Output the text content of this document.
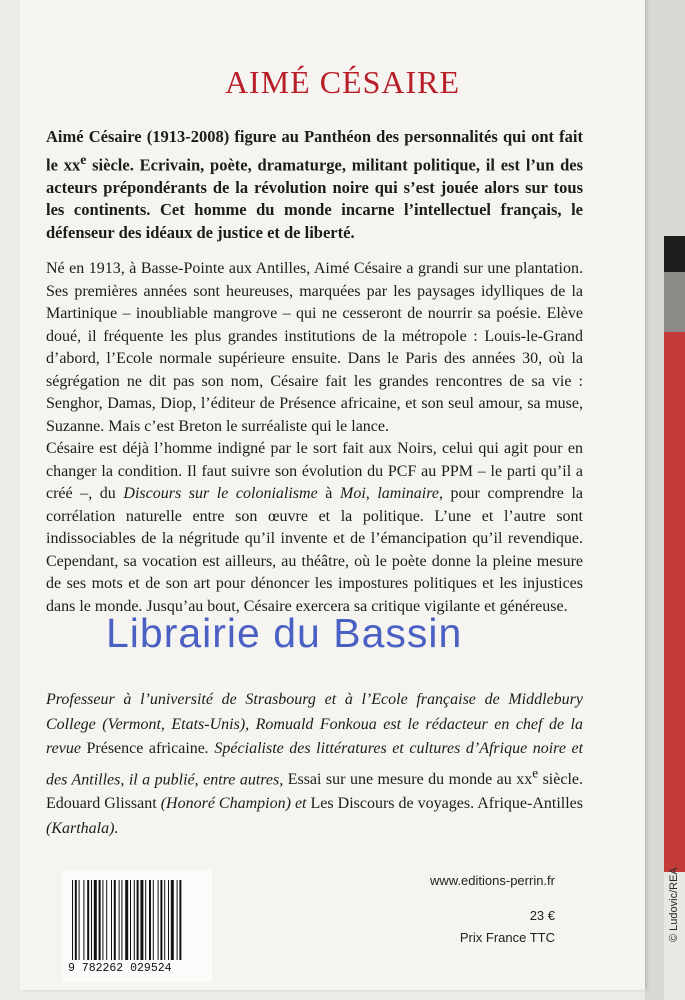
© Ludovic/REA
AIMÉ CÉSAIRE
Aimé Césaire (1913-2008) figure au Panthéon des personnalités qui ont fait le $xx^e$ siècle. Ecrivain, poète, dramaturge, militant politique, il est l’un des acteurs prépondérants de la révolution noire qui s’est jouée alors sur tous les continents. Cet homme du monde incarne l’intellectuel français, le défenseur des idéaux de justice et de liberté.

Né en 1913, à Basse-Pointe aux Antilles, Aimé Césaire a grandi sur une plantation. Ses premières années sont heureuses, marquées par les paysages idylliques de la Martinique – inoubliable mangrove – qui ne cesseront de nourrir sa poésie. Elève doué, il fréquente les plus grandes institutions de la métropole : Louis-le-Grand d’abord, l’Ecole normale supérieure ensuite. Dans le Paris des années 30, où la ségrégation ne dit pas son nom, Césaire fait les grandes rencontres de sa vie : Senghor, Damas, Diop, l’éditeur de Présence africaine, et son seul amour, sa muse, Suzanne. Mais c’est Breton le surréaliste qui le lance.

Césaire est déjà l’homme indigné par le sort fait aux Noirs, celui qui agit pour en changer la condition. Il faut suivre son évolution du PCF au PPM – le parti qu’il a créé –, du Discours sur le colonialisme à Moi, laminaire, pour comprendre la corrélation naturelle entre son œuvre et la politique. L’une et l’autre sont indissociables de la négritude qu’il invente et de l’émancipation qu’il revendique. Cependant, sa vocation est ailleurs, au théâtre, où le poète donne la pleine mesure de ses mots et de son art pour dénoncer les impostures politiques et les injustices dans le monde. Jusqu’au bout, Césaire exercera sa critique vigilante et généreuse.

Professeur à l’université de Strasbourg et à l’Ecole française de Middlebury College (Vermont, Etats-Unis), Romuald Fonkoua est le rédacteur en chef de la revue Présence africaine. Spécialiste des littératures et cultures d’Afrique noire et des Antilles, il a publié, entre autres, Essai sur une mesure du monde au $xx^e$ siècle. Edouard Glissant (Honoré Champion) et Les Discours de voyages. Afrique-Antilles (Karthala).
Librairie du Bassin
9 782262 029524
www.editions-perrin.fr
23 €
Prix France TTC
